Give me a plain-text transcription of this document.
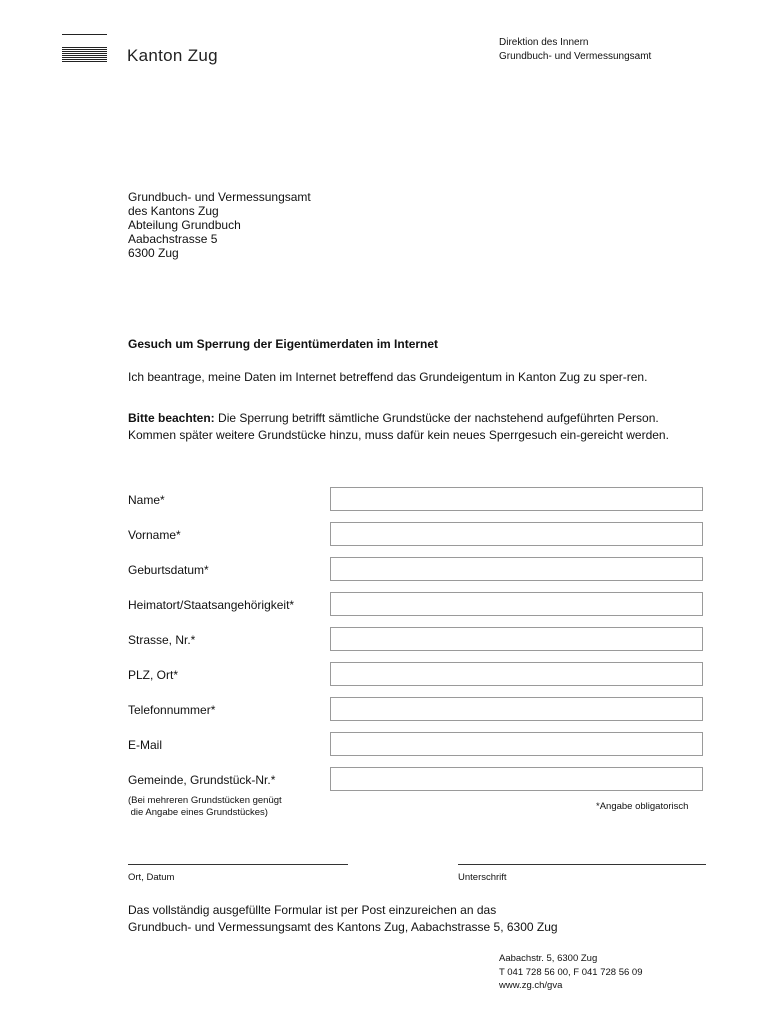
Kanton Zug
Direktion des Innern
Grundbuch- und Vermessungsamt
Grundbuch- und Vermessungsamt
des Kantons Zug
Abteilung Grundbuch
Aabachstrasse 5
6300 Zug
Gesuch um Sperrung der Eigentümerdaten im Internet
Ich beantrage, meine Daten im Internet betreffend das Grundeigentum in Kanton Zug zu sper-ren.
Bitte beachten: Die Sperrung betrifft sämtliche Grundstücke der nachstehend aufgeführten Person. Kommen später weitere Grundstücke hinzu, muss dafür kein neues Sperrgesuch ein-gereicht werden.
Name*
Vorname*
Geburtsdatum*
Heimatort/Staatsangehörigkeit*
Strasse, Nr.*
PLZ, Ort*
Telefonnummer*
E-Mail
Gemeinde, Grundstück-Nr.*
(Bei mehreren Grundstücken genügt
die Angabe eines Grundstückes)
*Angabe obligatorisch
Ort, Datum	Unterschrift
Das vollständig ausgefüllte Formular ist per Post einzureichen an das
Grundbuch- und Vermessungsamt des Kantons Zug, Aabachstrasse 5, 6300 Zug
Aabachstr. 5, 6300 Zug
T 041 728 56 00, F 041 728 56 09
www.zg.ch/gva
